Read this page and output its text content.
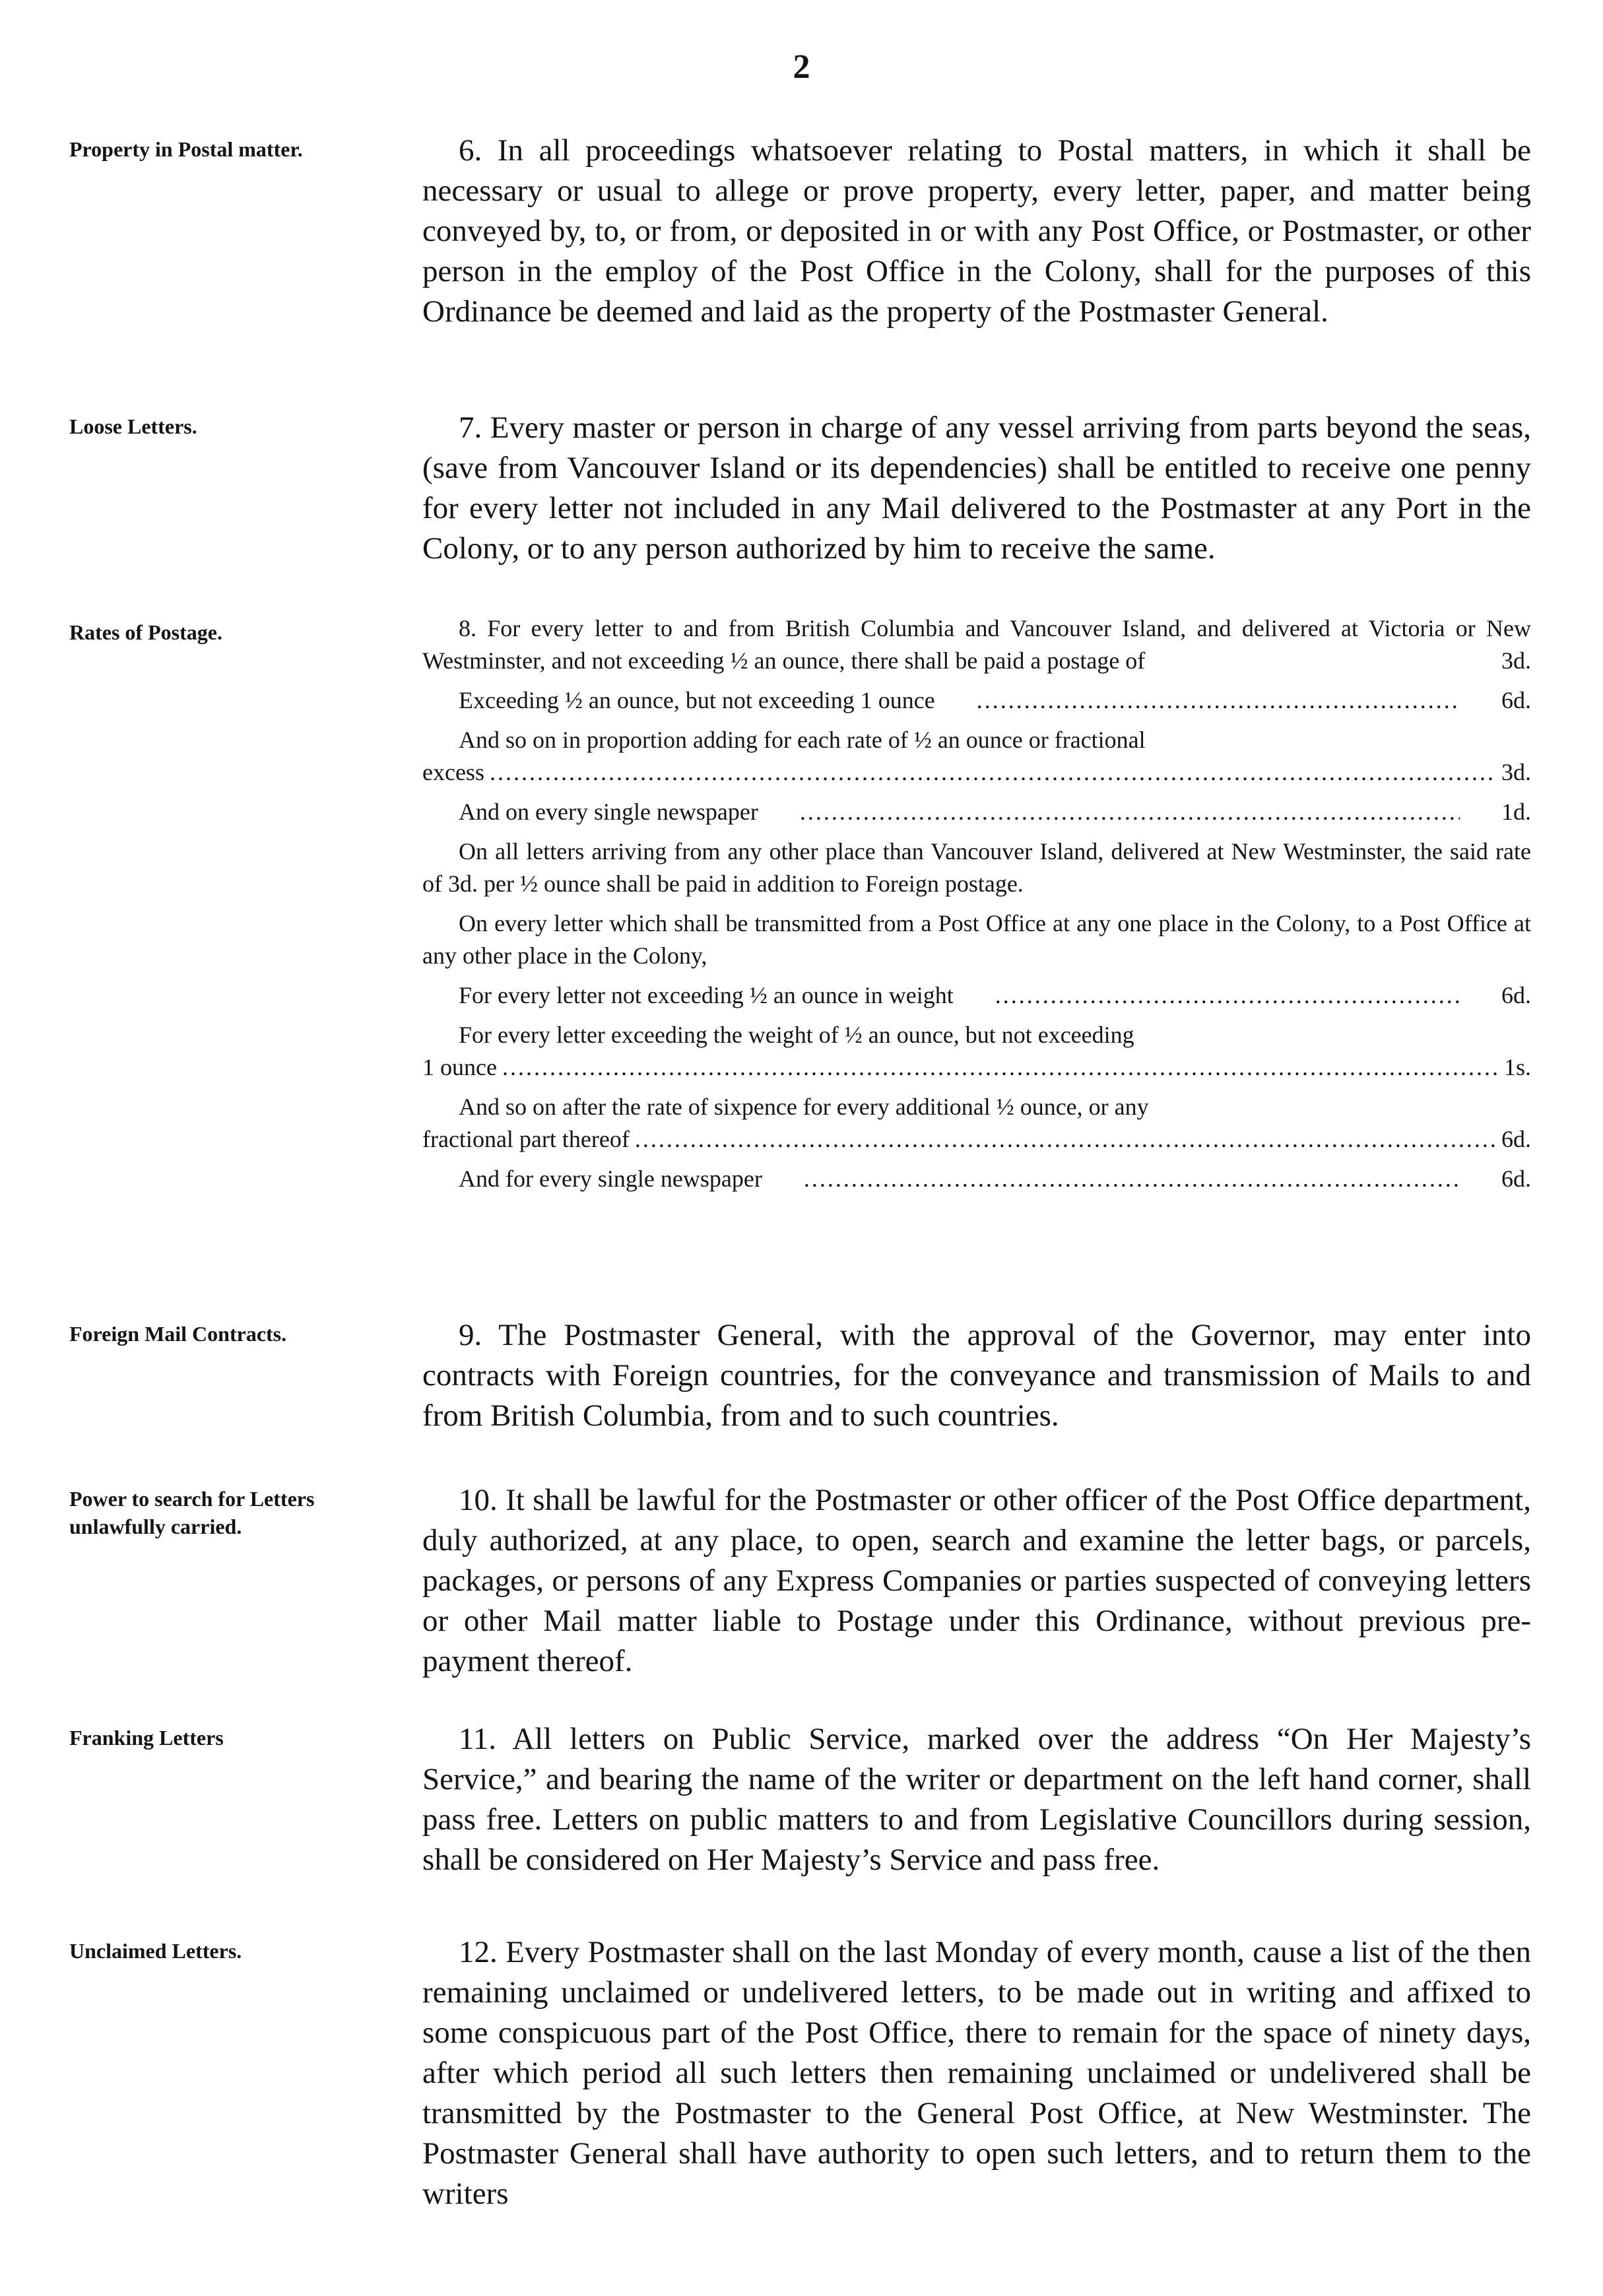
2
Property in Postal matter.
Loose Letters.
Rates of Postage.
Foreign Mail Contracts.
Power to search for Letters unlawfully carried.
Franking Letters
Unclaimed Letters.
6. In all proceedings whatsoever relating to Postal matters, in which it shall be necessary or usual to allege or prove property, every letter, paper, and matter being conveyed by, to, or from, or deposited in or with any Post Office, or Postmaster, or other person in the employ of the Post Office in the Colony, shall for the purposes of this Ordinance be deemed and laid as the property of the Postmaster General.
7. Every master or person in charge of any vessel arriving from parts beyond the seas, (save from Vancouver Island or its dependencies) shall be entitled to receive one penny for every letter not included in any Mail delivered to the Postmaster at any Port in the Colony, or to any person authorized by him to receive the same.

8. For every letter to and from British Columbia and Vancouver Island, and delivered at Victoria or New Westminster, and not exceeding ½ an ounce, there shall be paid a postage of	3d.

Exceeding ½ an ounce, but not exceeding 1 ounce . . .	6d.

And so on in proportion adding for each rate of ½ an ounce or fractional

excess . . .	3d.

And on every single newspaper . . .	1d.

On all letters arriving from any other place than Vancouver Island, delivered at New Westminster, the said rate of 3d. per ½ ounce shall be paid in addition to Foreign postage.

On every letter which shall be transmitted from a Post Office at any one place in the Colony, to a Post Office at any other place in the Colony,

For every letter not exceeding ½ an ounce in weight . . .	6d.

For every letter exceeding the weight of ½ an ounce, but not exceeding

1 ounce . . .	1s.

And so on after the rate of sixpence for every additional ½ ounce, or any

fractional part thereof . . .	6d.

And for every single newspaper . . .	6d.

9. The Postmaster General, with the approval of the Governor, may enter into contracts with Foreign countries, for the conveyance and transmission of Mails to and from British Columbia, from and to such countries.
10. It shall be lawful for the Postmaster or other officer of the Post Office department, duly authorized, at any place, to open, search and examine the letter bags, or parcels, packages, or persons of any Express Companies or parties suspected of conveying letters or other Mail matter liable to Postage under this Ordinance, without previous pre-payment thereof.
11. All letters on Public Service, marked over the address “On Her Majesty’s Service,” and bearing the name of the writer or department on the left hand corner, shall pass free. Letters on public matters to and from Legislative Councillors during session, shall be considered on Her Majesty’s Service and pass free.
12. Every Postmaster shall on the last Monday of every month, cause a list of the then remaining unclaimed or undelivered letters, to be made out in writing and affixed to some conspicuous part of the Post Office, there to remain for the space of ninety days, after which period all such letters then remaining unclaimed or undelivered shall be transmitted by the Postmaster to the General Post Office, at New Westminster. The Postmaster General shall have authority to open such letters, and to return them to the writers
